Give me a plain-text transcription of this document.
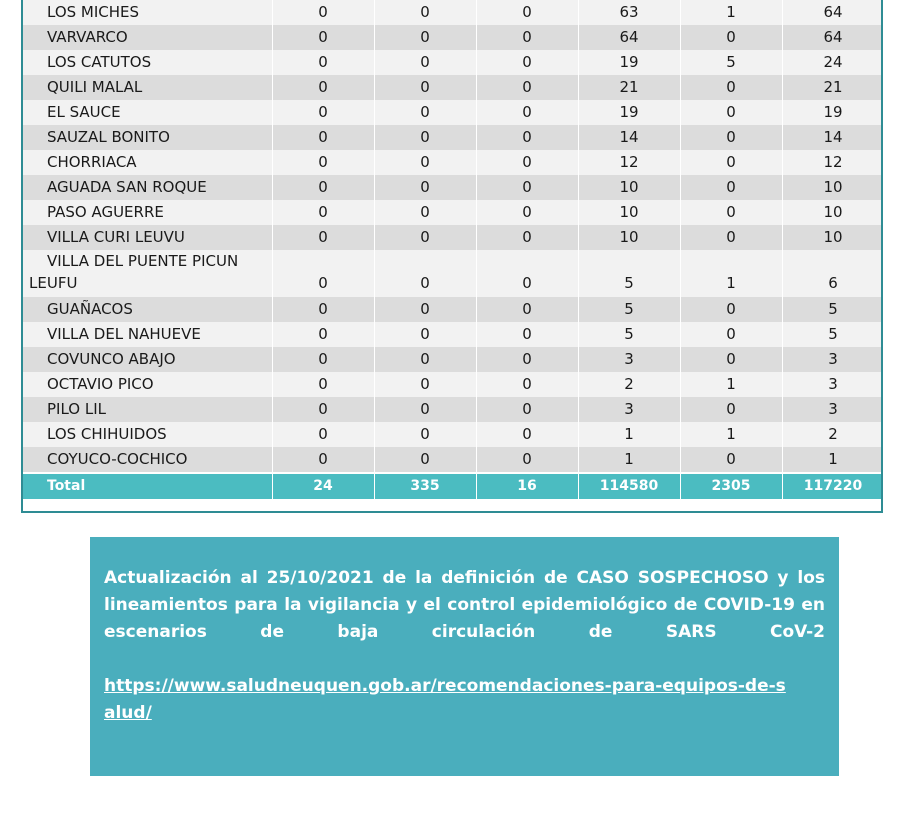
LOS MICHES	0	0	0	63	1	64
VARVARCO	0	0	0	64	0	64
LOS CATUTOS	0	0	0	19	5	24
QUILI MALAL	0	0	0	21	0	21
EL SAUCE	0	0	0	19	0	19
SAUZAL BONITO	0	0	0	14	0	14
CHORRIACA	0	0	0	12	0	12
AGUADA SAN ROQUE	0	0	0	10	0	10
PASO AGUERRE	0	0	0	10	0	10
VILLA CURI LEUVU	0	0	0	10	0	10

VILLA DEL PUENTE PICUN
LEUFU	0	0	0	5	1	6
GUAÑACOS	0	0	0	5	0	5
VILLA DEL NAHUEVE	0	0	0	5	0	5
COVUNCO ABAJO	0	0	0	3	0	3
OCTAVIO PICO	0	0	0	2	1	3
PILO LIL	0	0	0	3	0	3
LOS CHIHUIDOS	0	0	0	1	1	2
COYUCO-COCHICO	0	0	0	1	0	1
Total	24	335	16	114580	2305	117220
Actualización al 25/10/2021 de la definición de CASO SOSPECHOSO y los lineamientos para la vigilancia y el control epidemiológico de COVID-19 en escenarios de baja circulación de SARS CoV-2
https://www.saludneuquen.gob.ar/recomendaciones-para-equipos-de-salud/
